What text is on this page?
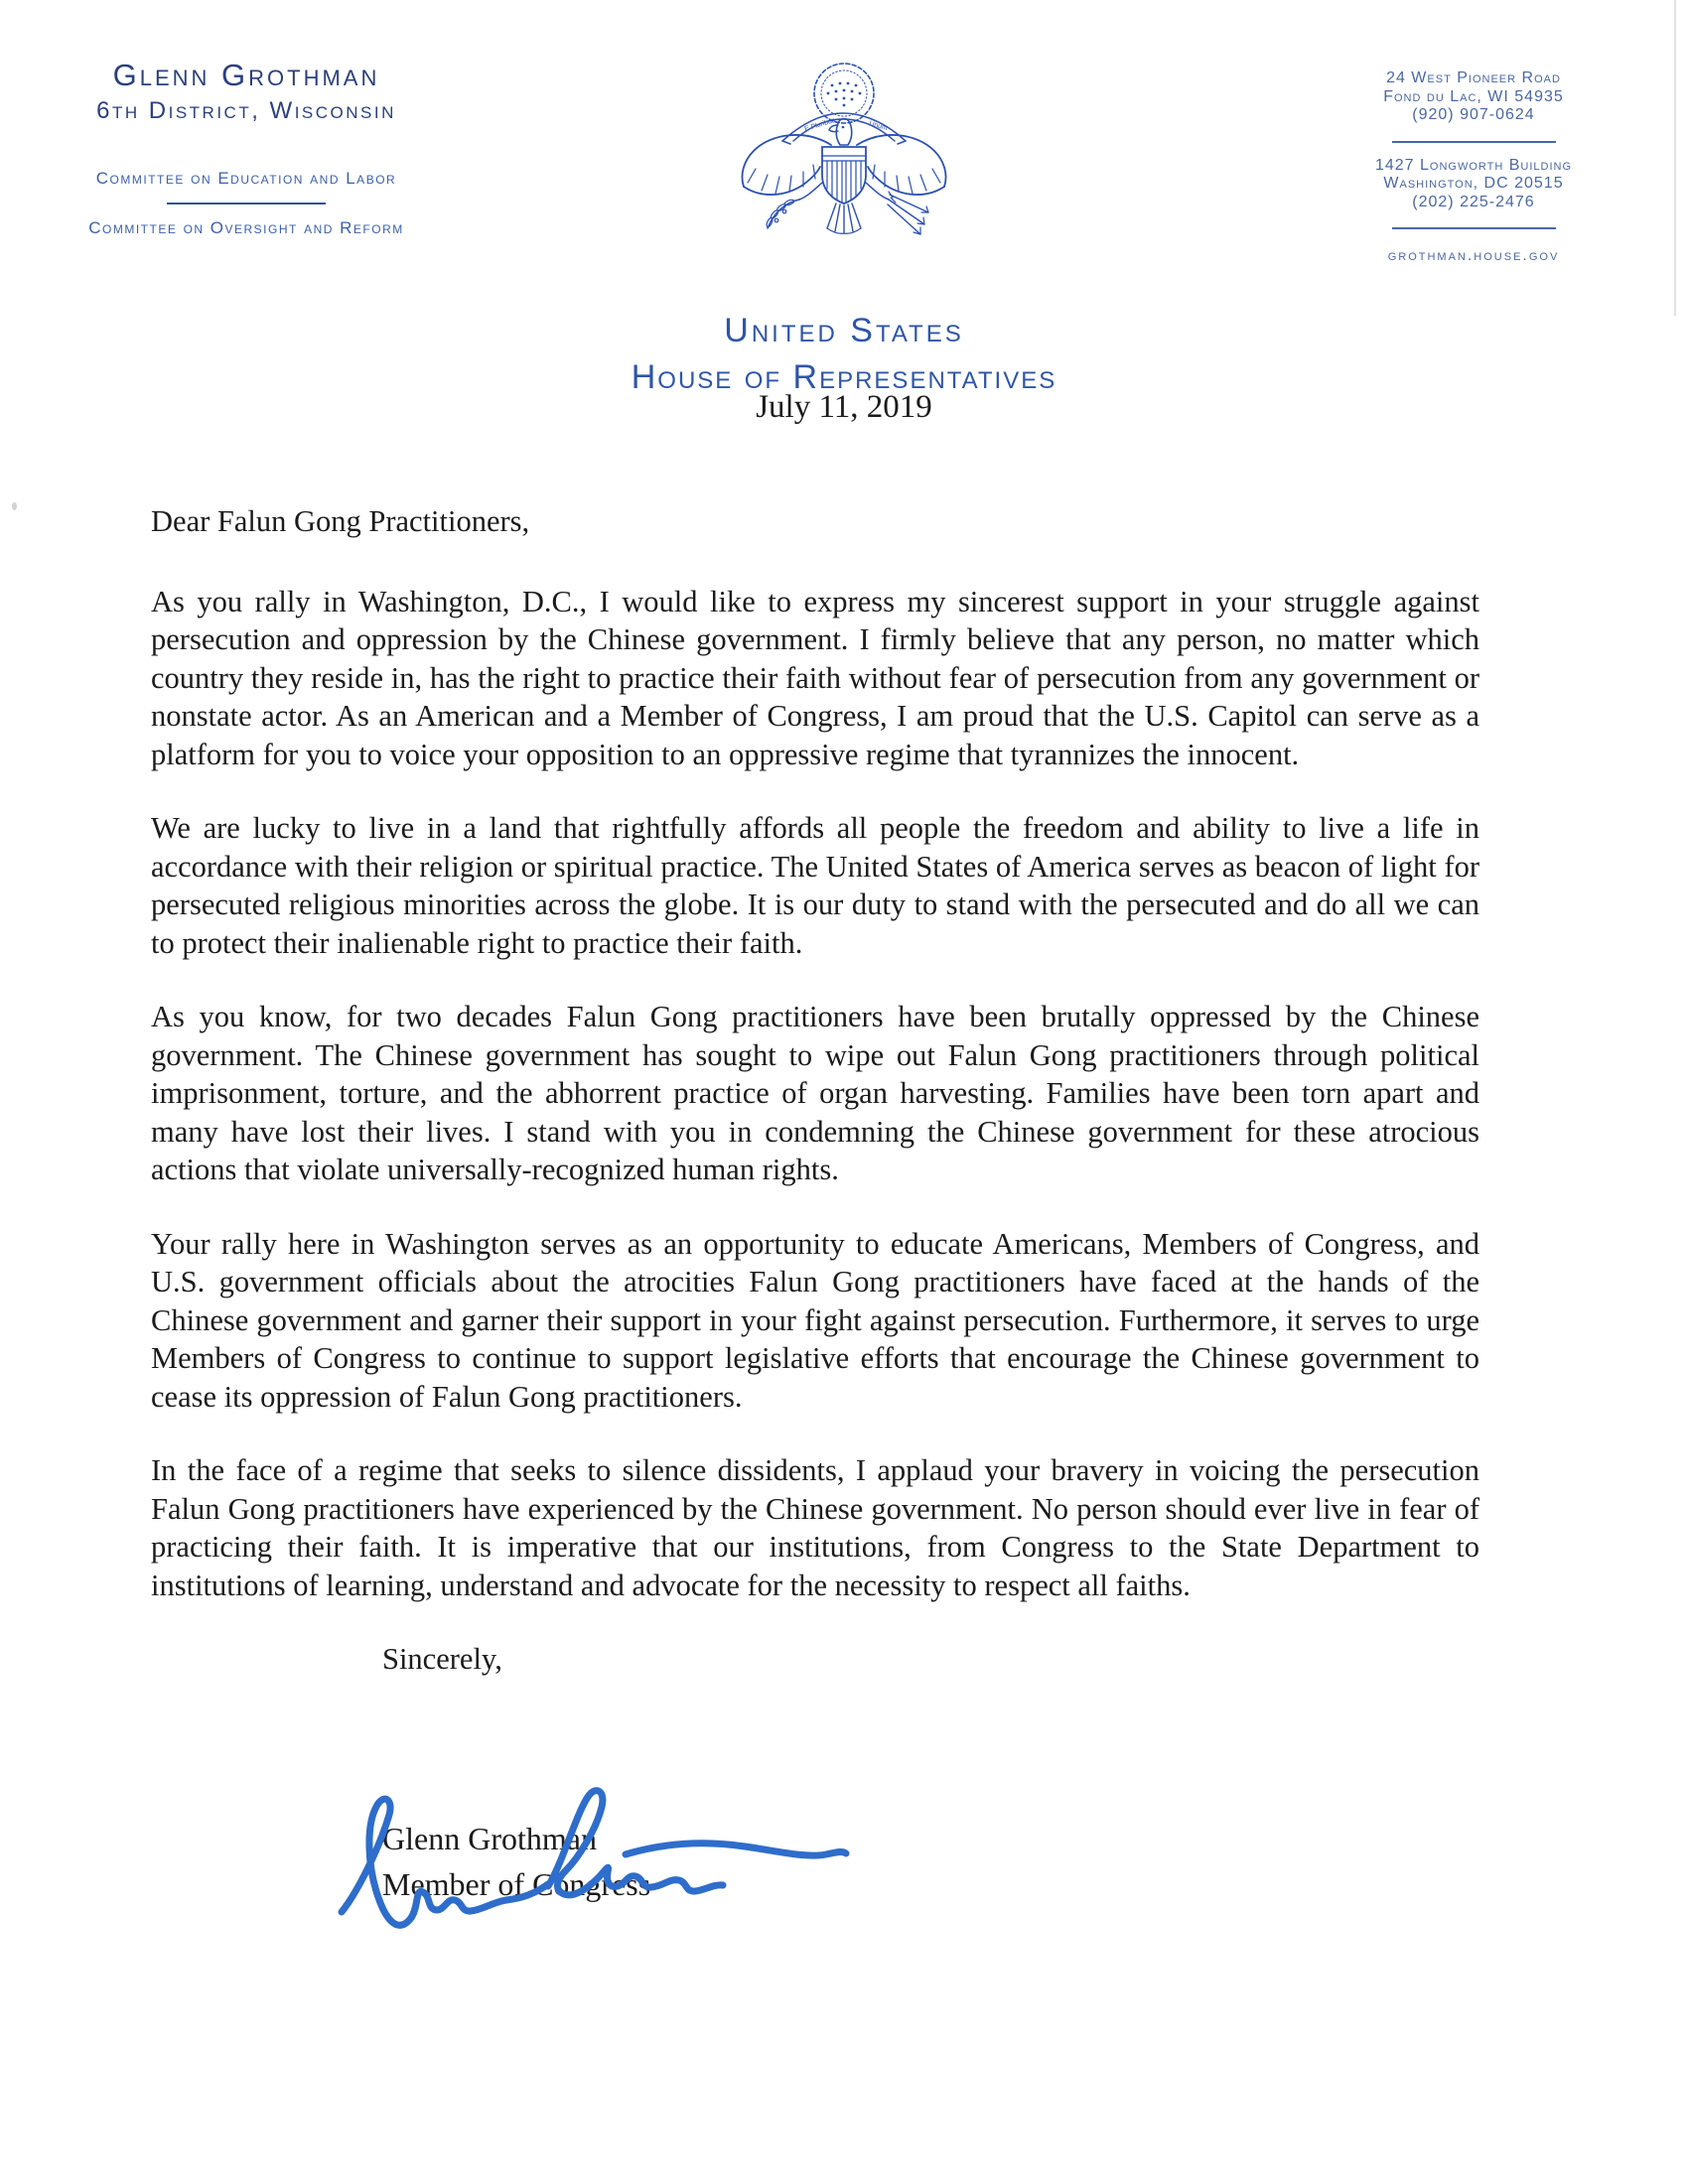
Glenn Grothman
6th District, Wisconsin
Committee on Education and Labor
Committee on Oversight and Reform
E Pluribus	Unum
24 West Pioneer Road
Fond du Lac, WI 54935
(920) 907-0624
1427 Longworth Building
Washington, DC 20515
(202) 225-2476
grothman.house.gov
United States
House of Representatives
July 11, 2019

Dear Falun Gong Practitioners,

As you rally in Washington, D.C., I would like to express my sincerest support in your struggle against persecution and oppression by the Chinese government. I firmly believe that any person, no matter which country they reside in, has the right to practice their faith without fear of persecution from any government or nonstate actor. As an American and a Member of Congress, I am proud that the U.S. Capitol can serve as a platform for you to voice your opposition to an oppressive regime that tyrannizes the innocent.

We are lucky to live in a land that rightfully affords all people the freedom and ability to live a life in accordance with their religion or spiritual practice. The United States of America serves as beacon of light for persecuted religious minorities across the globe. It is our duty to stand with the persecuted and do all we can to protect their inalienable right to practice their faith.

As you know, for two decades Falun Gong practitioners have been brutally oppressed by the Chinese government. The Chinese government has sought to wipe out Falun Gong practitioners through political imprisonment, torture, and the abhorrent practice of organ harvesting. Families have been torn apart and many have lost their lives. I stand with you in condemning the Chinese government for these atrocious actions that violate universally-recognized human rights.

Your rally here in Washington serves as an opportunity to educate Americans, Members of Congress, and U.S. government officials about the atrocities Falun Gong practitioners have faced at the hands of the Chinese government and garner their support in your fight against persecution. Furthermore, it serves to urge Members of Congress to continue to support legislative efforts that encourage the Chinese government to cease its oppression of Falun Gong practitioners.

In the face of a regime that seeks to silence dissidents, I applaud your bravery in voicing the persecution Falun Gong practitioners have experienced by the Chinese government. No person should ever live in fear of practicing their faith. It is imperative that our institutions, from Congress to the State Department to institutions of learning, understand and advocate for the necessity to respect all faiths.

Sincerely,

Glenn Grothman

Member of Congress
